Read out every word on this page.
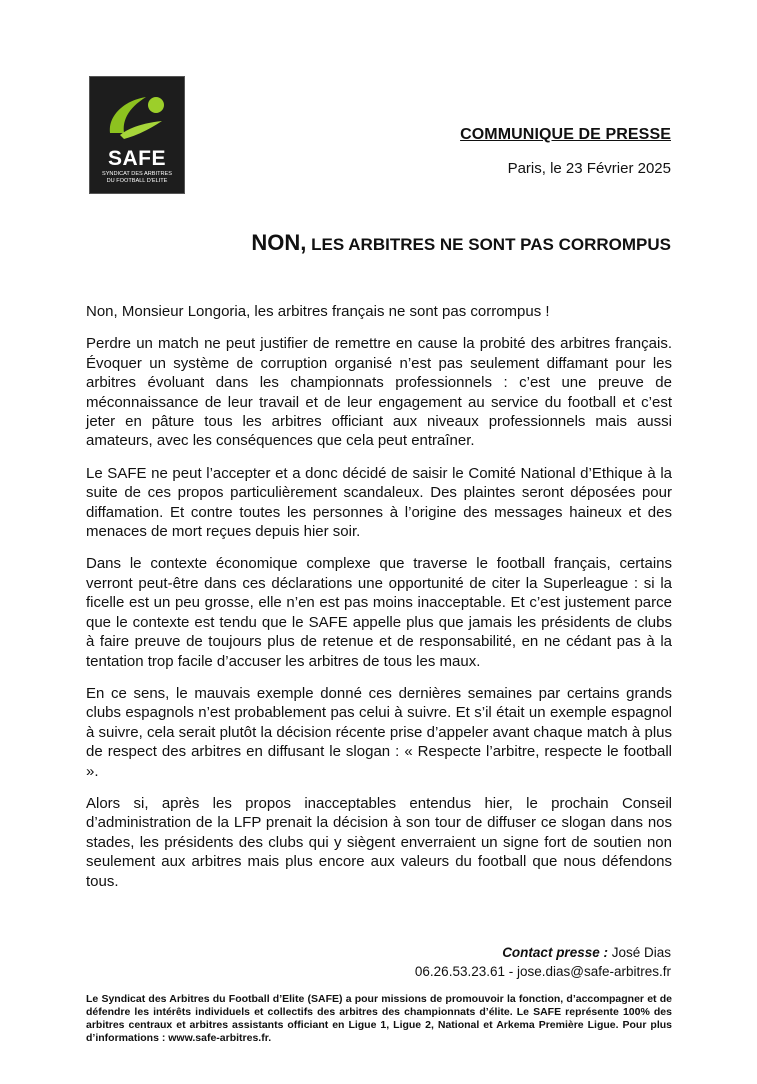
SAFE
SYNDICAT DES ARBITRES
DU FOOTBALL D'ELITE
COMMUNIQUE DE PRESSE
Paris, le 23 Février 2025
NON, LES ARBITRES NE SONT PAS CORROMPUS

Non, Monsieur Longoria, les arbitres français ne sont pas corrompus !

Perdre un match ne peut justifier de remettre en cause la probité des arbitres français. Évoquer un système de corruption organisé n’est pas seulement diffamant pour les arbitres évoluant dans les championnats professionnels : c’est une preuve de méconnaissance de leur travail et de leur engagement au service du football et c’est jeter en pâture tous les arbitres officiant aux niveaux professionnels mais aussi amateurs, avec les conséquences que cela peut entraîner.

Le SAFE ne peut l’accepter et a donc décidé de saisir le Comité National d’Ethique à la suite de ces propos particulièrement scandaleux. Des plaintes seront déposées pour diffamation. Et contre toutes les personnes à l’origine des messages haineux et des menaces de mort reçues depuis hier soir.

Dans le contexte économique complexe que traverse le football français, certains verront peut-être dans ces déclarations une opportunité de citer la Superleague : si la ficelle est un peu grosse, elle n’en est pas moins inacceptable. Et c’est justement parce que le contexte est tendu que le SAFE appelle plus que jamais les présidents de clubs à faire preuve de toujours plus de retenue et de responsabilité, en ne cédant pas à la tentation trop facile d’accuser les arbitres de tous les maux.

En ce sens, le mauvais exemple donné ces dernières semaines par certains grands clubs espagnols n’est probablement pas celui à suivre. Et s’il était un exemple espagnol à suivre, cela serait plutôt la décision récente prise d’appeler avant chaque match à plus de respect des arbitres en diffusant le slogan : « Respecte l’arbitre, respecte le football ».

Alors si, après les propos inacceptables entendus hier, le prochain Conseil d’administration de la LFP prenait la décision à son tour de diffuser ce slogan dans nos stades, les présidents des clubs qui y siègent enverraient un signe fort de soutien non seulement aux arbitres mais plus encore aux valeurs du football que nous défendons tous.

Contact presse : José Dias
06.26.53.23.61 - jose.dias@safe-arbitres.fr
Le Syndicat des Arbitres du Football d’Elite (SAFE) a pour missions de promouvoir la fonction, d’accompagner et de défendre les intérêts individuels et collectifs des arbitres des championnats d’élite. Le SAFE représente 100% des arbitres centraux et arbitres assistants officiant en Ligue 1, Ligue 2, National et Arkema Première Ligue. Pour plus d’informations : www.safe-arbitres.fr.
